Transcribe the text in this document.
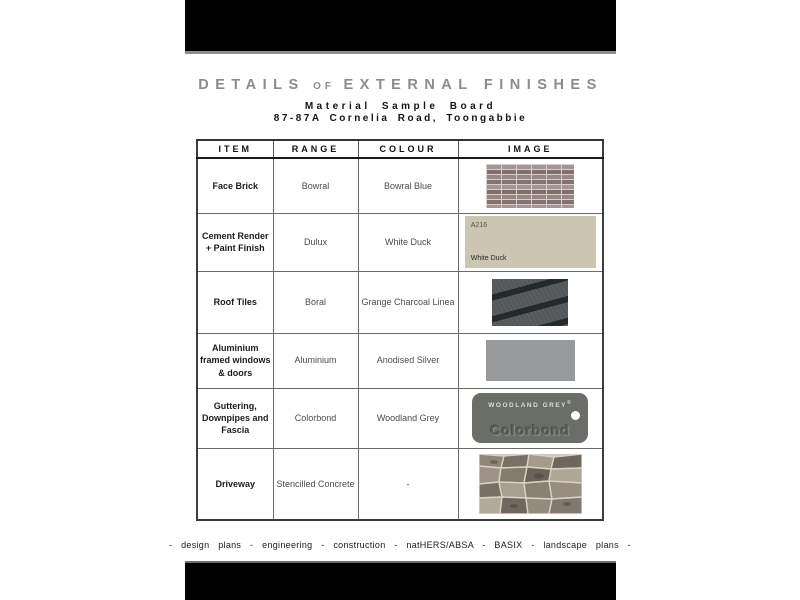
DETAILS OF EXTERNAL FINISHES
Material Sample Board
87-87A Cornelia Road, Toongabbie
ITEM	RANGE	COLOUR	IMAGE
Face Brick	Bowral	Bowral Blue	

Cement Render + Paint Finish	Dulux	White Duck	A216
White Duck

Roof Tiles	Boral	Grange Charcoal Linea	

Aluminium framed windows & doors	Aluminium	Anodised Silver	

Guttering, Downpipes and Fascia	Colorbond	Woodland Grey	WOODLAND GREY®
Colorbond

Driveway	Stencilled Concrete	-	
- design plans - engineering - construction - natHERS/ABSA - BASIX - landscape plans -
